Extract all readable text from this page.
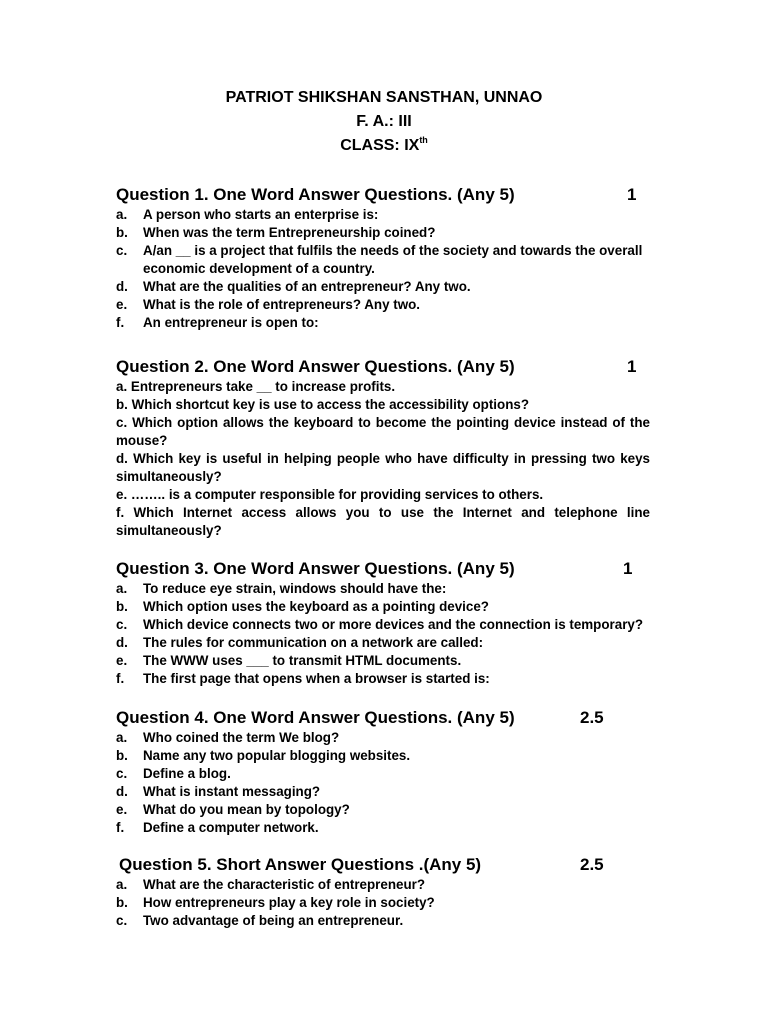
PATRIOT SHIKSHAN SANSTHAN, UNNAO
F. A.: III
CLASS: IXth
Question 1. One Word Answer Questions. (Any 5)	1
a. A person who starts an enterprise is:
b. When was the term Entrepreneurship coined?
c. A/an __ is a project that fulfils the needs of the society and towards the overall economic development of a country.
d. What are the qualities of an entrepreneur? Any two.
e. What is the role of entrepreneurs? Any two.
f. An entrepreneur is open to:
Question 2. One Word Answer Questions. (Any 5)	1
a. Entrepreneurs take __ to increase profits.
b. Which shortcut key is use to access the accessibility options?
c. Which option allows the keyboard to become the pointing device instead of the mouse?
d. Which key is useful in helping people who have difficulty in pressing two keys simultaneously?
e. …….. is a computer responsible for providing services to others.
f. Which Internet access allows you to use the Internet and telephone line simultaneously?
Question 3. One Word Answer Questions. (Any 5)	1
a. To reduce eye strain, windows should have the:
b. Which option uses the keyboard as a pointing device?
c. Which device connects two or more devices and the connection is temporary?
d. The rules for communication on a network are called:
e. The WWW uses ___ to transmit HTML documents.
f. The first page that opens when a browser is started is:
Question 4. One Word Answer Questions. (Any 5)	2.5
a. Who coined the term We blog?
b. Name any two popular blogging websites.
c. Define a blog.
d. What is instant messaging?
e. What do you mean by topology?
f. Define a computer network.
Question 5. Short Answer Questions .(Any 5)	2.5
a. What are the characteristic of entrepreneur?
b. How entrepreneurs play a key role in society?
c. Two advantage of being an entrepreneur.
